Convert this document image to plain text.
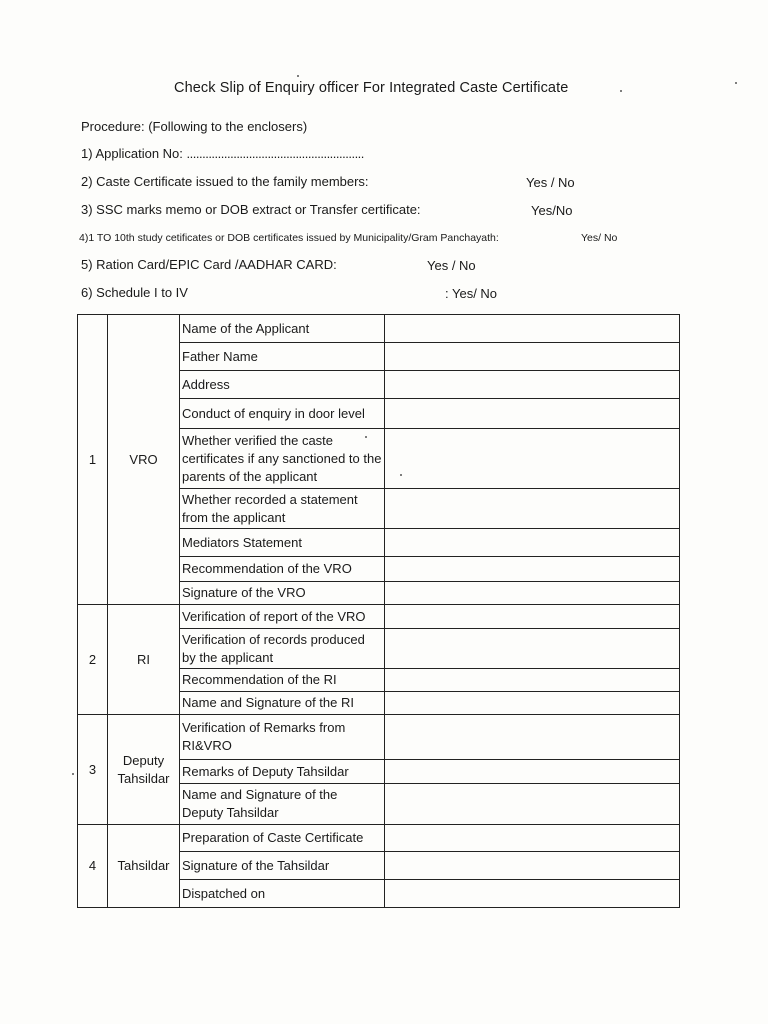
Check Slip of Enquiry officer For Integrated Caste Certificate
Procedure: (Following to the enclosers)
1) Application No: .........................................................
2) Caste Certificate issued to the family members:	Yes / No
3) SSC marks memo or DOB extract or Transfer certificate:	Yes/No
4)1 TO 10th study cetificates or DOB certificates issued by Municipality/Gram Panchayath:	Yes/ No
5) Ration Card/EPIC Card /AADHAR CARD:	Yes / No
6) Schedule I to IV	: Yes/ No
1	VRO	Name of the Applicant	
		Father Name	
		Address	
		Conduct of enquiry in door level	
		Whether verified the caste certificates if any sanctioned to the parents of the applicant	
		Whether recorded a statement from the applicant	
		Mediators Statement	
		Recommendation of the VRO	
		Signature of the VRO	
2	RI	Verification of report of the VRO	
		Verification of records produced by the applicant	
		Recommendation of the RI	
		Name and Signature of the RI	
3	Deputy Tahsildar	Verification of Remarks from RI&VRO	
		Remarks of Deputy Tahsildar	
		Name and Signature of the Deputy Tahsildar	
4	Tahsildar	Preparation of Caste Certificate	
		Signature of the Tahsildar	
		Dispatched on	
